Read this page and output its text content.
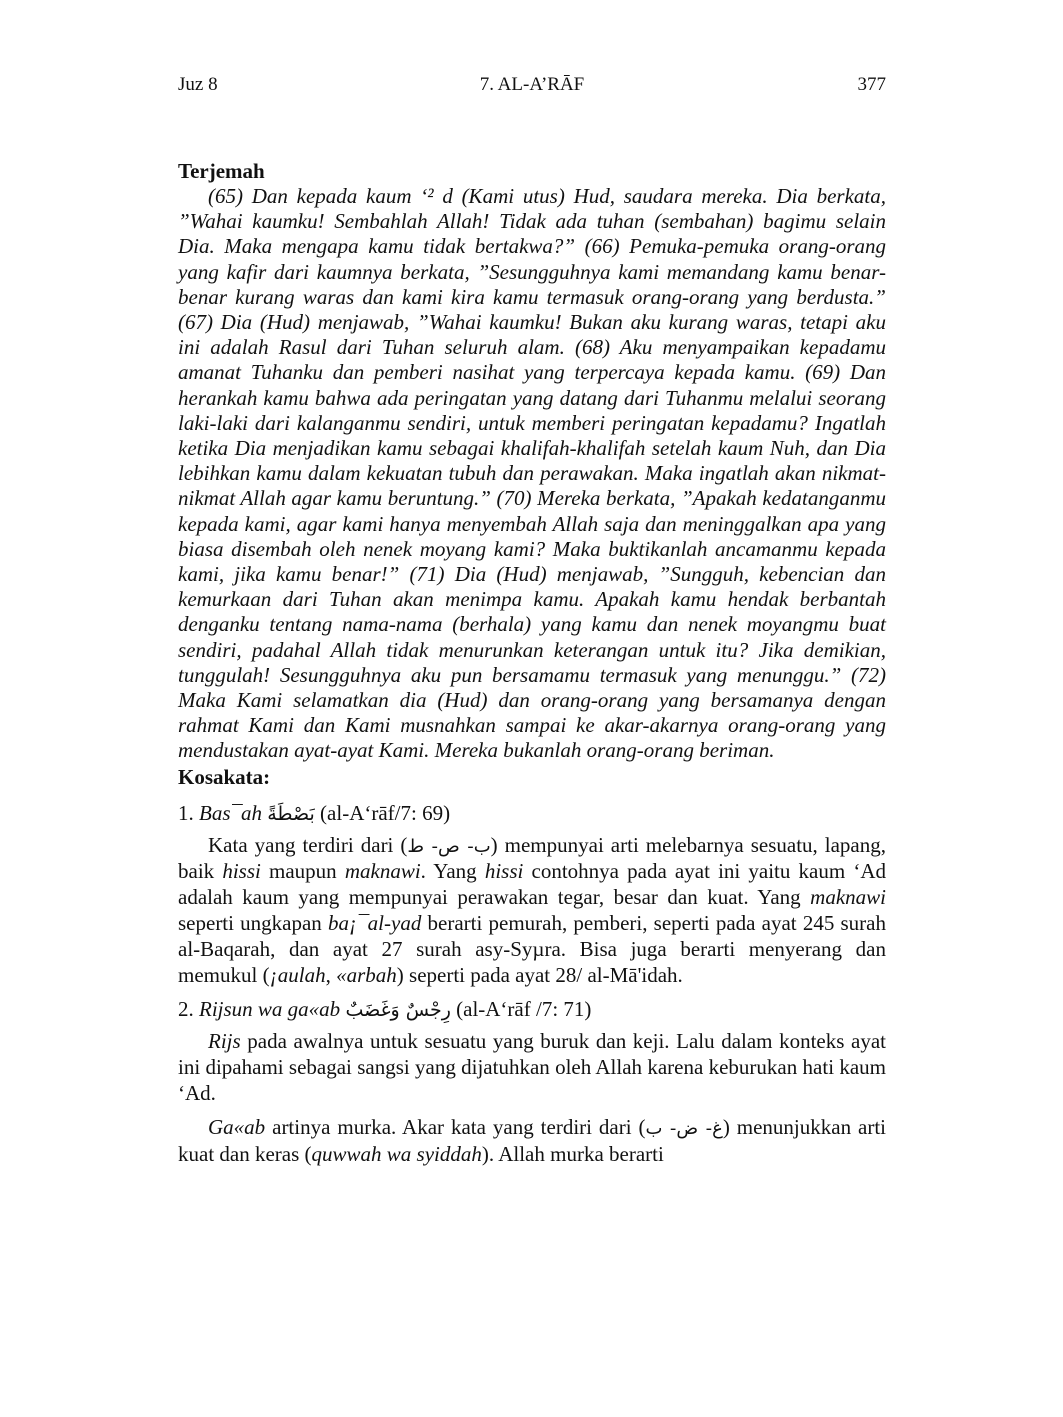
Juz 8	7. AL-A’RĀF	377
Terjemah

(65) Dan kepada kaum ‘² d (Kami utus) Hud, saudara mereka. Dia berkata, ”Wahai kaumku! Sembahlah Allah! Tidak ada tuhan (sembahan) bagimu selain Dia. Maka mengapa kamu tidak bertakwa?” (66) Pemuka-pemuka orang-orang yang kafir dari kaumnya berkata, ”Sesungguhnya kami memandang kamu benar-benar kurang waras dan kami kira kamu termasuk orang-orang yang berdusta.” (67) Dia (Hud) menjawab, ”Wahai kaumku! Bukan aku kurang waras, tetapi aku ini adalah Rasul dari Tuhan seluruh alam. (68) Aku menyampaikan kepadamu amanat Tuhanku dan pemberi nasihat yang terpercaya kepada kamu. (69) Dan herankah kamu bahwa ada peringatan yang datang dari Tuhanmu melalui seorang laki-laki dari kalanganmu sendiri, untuk memberi peringatan kepadamu? Ingatlah ketika Dia menjadikan kamu sebagai khalifah-khalifah setelah kaum Nuh, dan Dia lebihkan kamu dalam kekuatan tubuh dan perawakan. Maka ingatlah akan nikmat-nikmat Allah agar kamu beruntung.” (70) Mereka berkata, ”Apakah kedatanganmu kepada kami, agar kami hanya menyembah Allah saja dan meninggalkan apa yang biasa disembah oleh nenek moyang kami? Maka buktikanlah ancamanmu kepada kami, jika kamu benar!” (71) Dia (Hud) menjawab, ”Sungguh, kebencian dan kemurkaan dari Tuhan akan menimpa kamu. Apakah kamu hendak berbantah denganku tentang nama-nama (berhala) yang kamu dan nenek moyangmu buat sendiri, padahal Allah tidak menurunkan keterangan untuk itu? Jika demikian, tunggulah! Sesungguhnya aku pun bersamamu termasuk yang menunggu.” (72) Maka Kami selamatkan dia (Hud) dan orang-orang yang bersamanya dengan rahmat Kami dan Kami musnahkan sampai ke akar-akarnya orang-orang yang mendustakan ayat-ayat Kami. Mereka bukanlah orang-orang beriman.

Kosakata:

1. Bas¯ah بَصْطَةً (al-A‘rāf/7: 69)

Kata yang terdiri dari (ب- ص- ط) mempunyai arti melebarnya sesuatu, lapang, baik hissi maupun maknawi. Yang hissi contohnya pada ayat ini yaitu kaum ‘Ad adalah kaum yang mempunyai perawakan tegar, besar dan kuat. Yang maknawi seperti ungkapan ba¡¯al-yad berarti pemurah, pemberi, seperti pada ayat 245 surah al-Baqarah, dan ayat 27 surah asy-Syµra. Bisa juga berarti menyerang dan memukul (¡aulah, «arbah) seperti pada ayat 28/ al-Mā'idah.

2. Rijsun wa ga«ab رِجْسٌ وَغَضَبٌ (al-A‘rāf /7: 71)

Rijs pada awalnya untuk sesuatu yang buruk dan keji. Lalu dalam konteks ayat ini dipahami sebagai sangsi yang dijatuhkan oleh Allah karena keburukan hati kaum ‘Ad.

Ga«ab artinya murka. Akar kata yang terdiri dari (غ- ض- ب) menunjukkan arti kuat dan keras (quwwah wa syiddah). Allah murka berarti
